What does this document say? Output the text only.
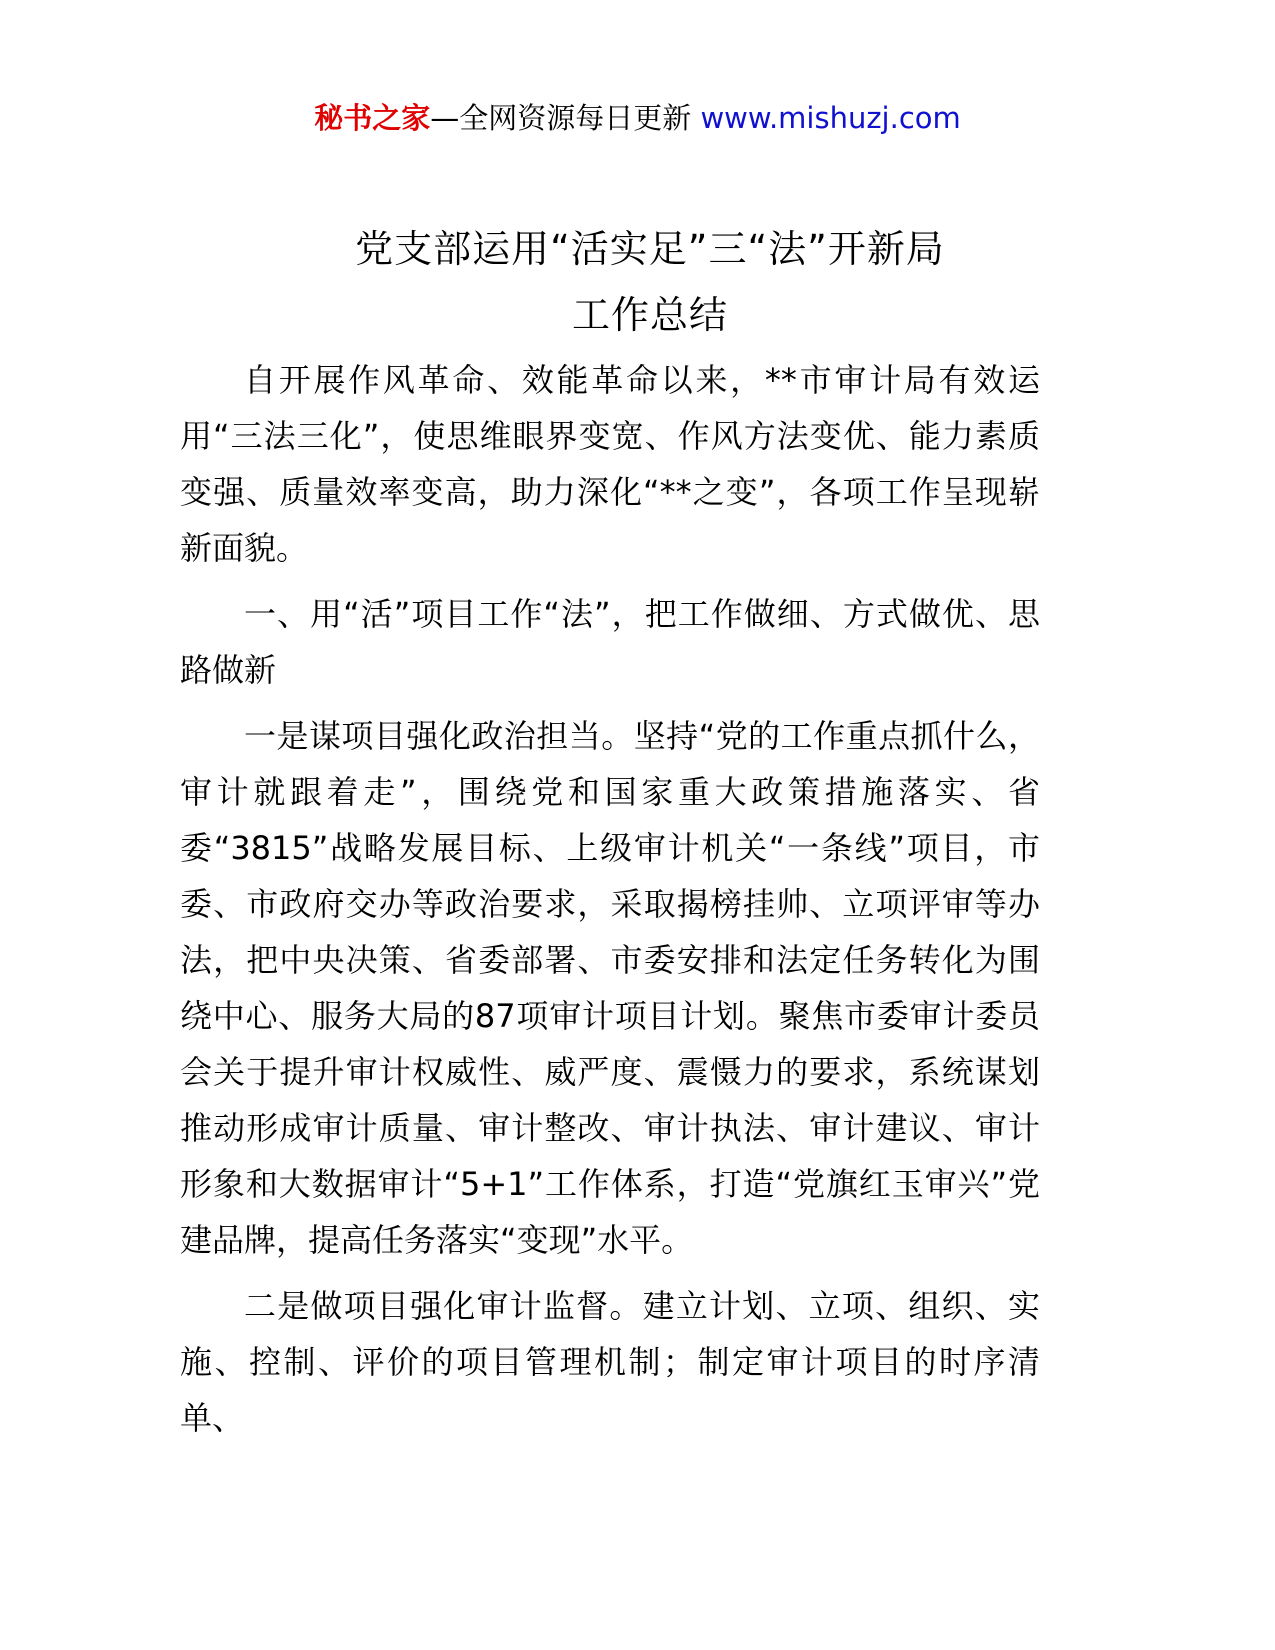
秘书之家—全网资源每日更新 www.mishuzj.com
党支部运用“活实足”三“法”开新局
工作总结

自开展作风革命、效能革命以来，**市审计局有效运用“三法三化”，使思维眼界变宽、作风方法变优、能力素质变强、质量效率变高，助力深化“**之变”，各项工作呈现崭新面貌。

一、用“活”项目工作“法”，把工作做细、方式做优、思路做新

一是谋项目强化政治担当。坚持“党的工作重点抓什么，审计就跟着走”，围绕党和国家重大政策措施落实、省委“3815”战略发展目标、上级审计机关“一条线”项目，市委、市政府交办等政治要求，采取揭榜挂帅、立项评审等办法，把中央决策、省委部署、市委安排和法定任务转化为围绕中心、服务大局的87项审计项目计划。聚焦市委审计委员会关于提升审计权威性、威严度、震慑力的要求，系统谋划推动形成审计质量、审计整改、审计执法、审计建议、审计形象和大数据审计“5+1”工作体系，打造“党旗红玉审兴”党建品牌，提高任务落实“变现”水平。

二是做项目强化审计监督。建立计划、立项、组织、实施、控制、评价的项目管理机制；制定审计项目的时序清单、
